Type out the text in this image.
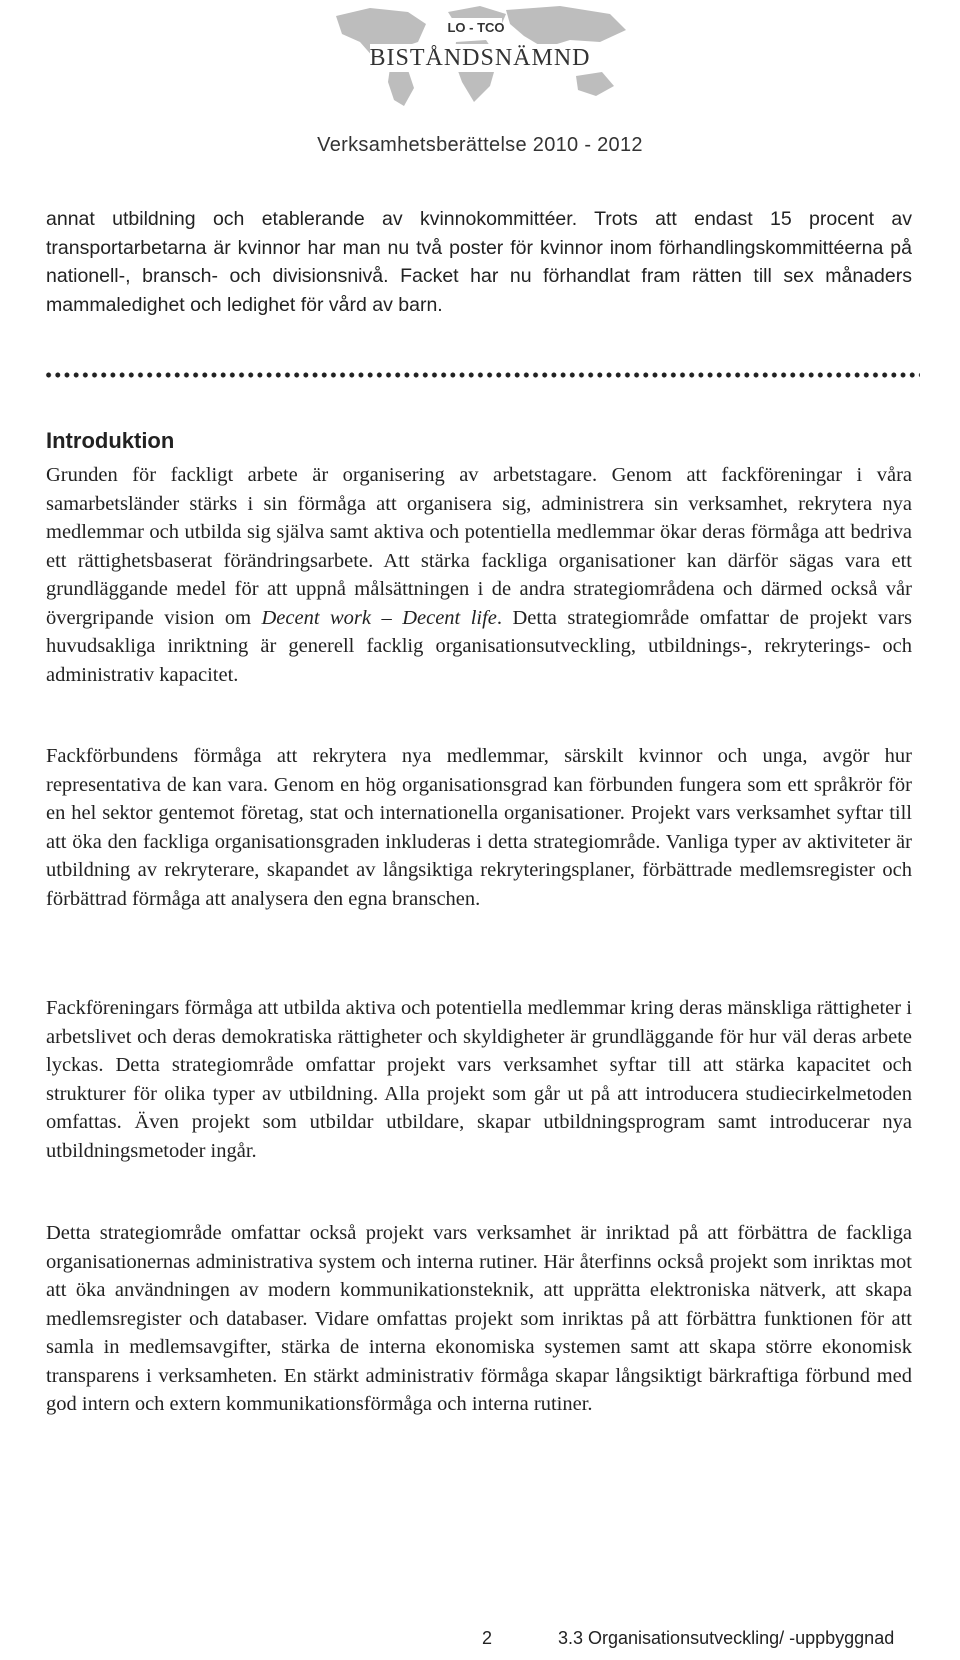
LO - TCO
BISTÅNDSNÄMND
Verksamhetsberättelse 2010 - 2012

annat utbildning och etablerande av kvinnokommittéer. Trots att endast 15 procent av transportarbetarna är kvinnor har man nu två poster för kvinnor inom förhandlingskommittéerna på nationell-, bransch- och divisionsnivå. Facket har nu förhandlat fram rätten till sex månaders mammaledighet och ledighet för vård av barn.

Introduktion

Grunden för fackligt arbete är organisering av arbetstagare. Genom att fackföreningar i våra samarbetsländer stärks i sin förmåga att organisera sig, administrera sin verksamhet, rekrytera nya medlemmar och utbilda sig själva samt aktiva och potentiella medlemmar ökar deras förmåga att bedriva ett rättighetsbaserat förändringsarbete. Att stärka fackliga organisationer kan därför sägas vara ett grundläggande medel för att uppnå målsättningen i de andra strategiområdena och därmed också vår övergripande vision om Decent work – Decent life. Detta strategiområde omfattar de projekt vars huvudsakliga inriktning är generell facklig organisationsutveckling, utbildnings-, rekryterings- och administrativ kapacitet.

Fackförbundens förmåga att rekrytera nya medlemmar, särskilt kvinnor och unga, avgör hur representativa de kan vara. Genom en hög organisationsgrad kan förbunden fungera som ett språkrör för en hel sektor gentemot företag, stat och internationella organisationer. Projekt vars verksamhet syftar till att öka den fackliga organisationsgraden inkluderas i detta strategiområde. Vanliga typer av aktiviteter är utbildning av rekryterare, skapandet av långsiktiga rekryteringsplaner, förbättrade medlemsregister och förbättrad förmåga att analysera den egna branschen.

Fackföreningars förmåga att utbilda aktiva och potentiella medlemmar kring deras mänskliga rättigheter i arbetslivet och deras demokratiska rättigheter och skyldigheter är grundläggande för hur väl deras arbete lyckas. Detta strategiområde omfattar projekt vars verksamhet syftar till att stärka kapacitet och strukturer för olika typer av utbildning. Alla projekt som går ut på att introducera studiecirkelmetoden omfattas. Även projekt som utbildar utbildare, skapar utbildningsprogram samt introducerar nya utbildningsmetoder ingår.

Detta strategiområde omfattar också projekt vars verksamhet är inriktad på att förbättra de fackliga organisationernas administrativa system och interna rutiner. Här återfinns också projekt som inriktas mot att öka användningen av modern kommunikationsteknik, att upprätta elektroniska nätverk, att skapa medlemsregister och databaser. Vidare omfattas projekt som inriktas på att förbättra funktionen för att samla in medlemsavgifter, stärka de interna ekonomiska systemen samt att skapa större ekonomisk transparens i verksamheten. En stärkt administrativ förmåga skapar långsiktigt bärkraftiga förbund med god intern och extern kommunikationsförmåga och interna rutiner.

2	3.3 Organisationsutveckling/ -uppbyggnad
